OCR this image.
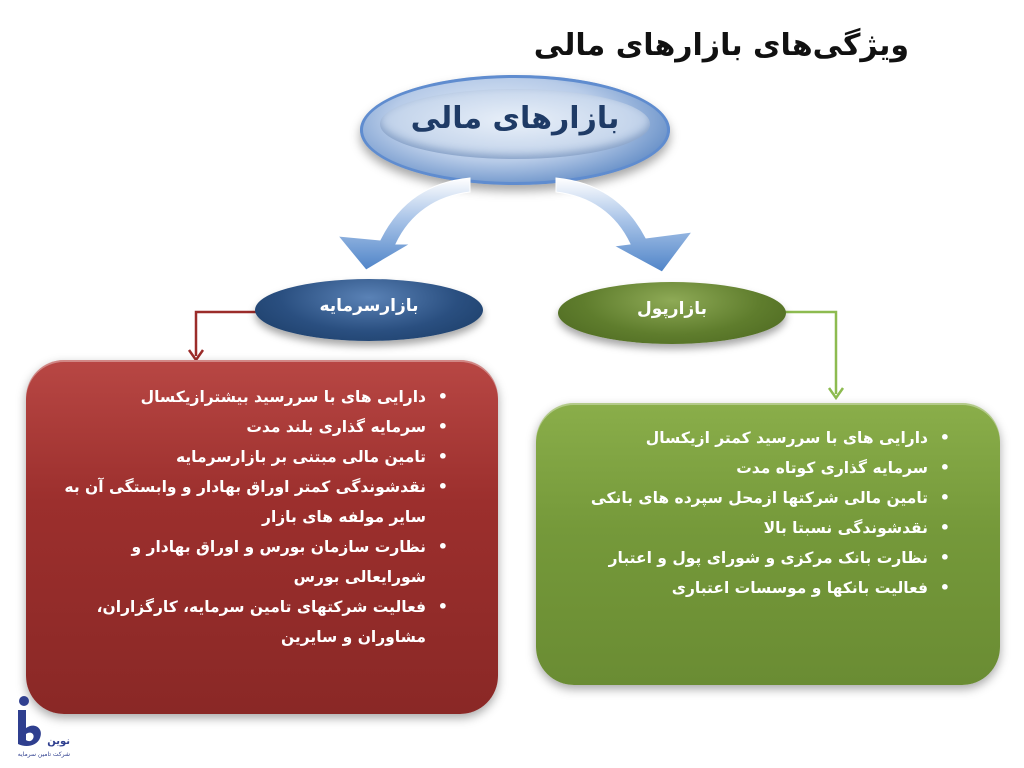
ویژگی‌های بازارهای مالی
بازارهای مالی
بازارسرمایه	بازارپول
• دارایی های با سررسید بیشترازیکسال
• سرمایه گذاری بلند مدت
• تامین مالی مبتنی بر بازارسرمایه
• نقدشوندگی کمتر اوراق بهادار و وابستگی آن به سایر مولفه های بازار
• نظارت سازمان بورس و اوراق بهادار و شورایعالی بورس
• فعالیت شرکتهای تامین سرمایه، کارگزاران، مشاوران و سایرین
• دارایی های با سررسید کمتر ازیکسال
• سرمایه گذاری کوتاه مدت
• تامین مالی شرکتها ازمحل سپرده های بانکی
• نقدشوندگی نسبتا بالا
• نظارت بانک مرکزی و شورای پول و اعتبار
• فعالیت بانکها و موسسات اعتباری
نوین
شرکت تامین سرمایه
